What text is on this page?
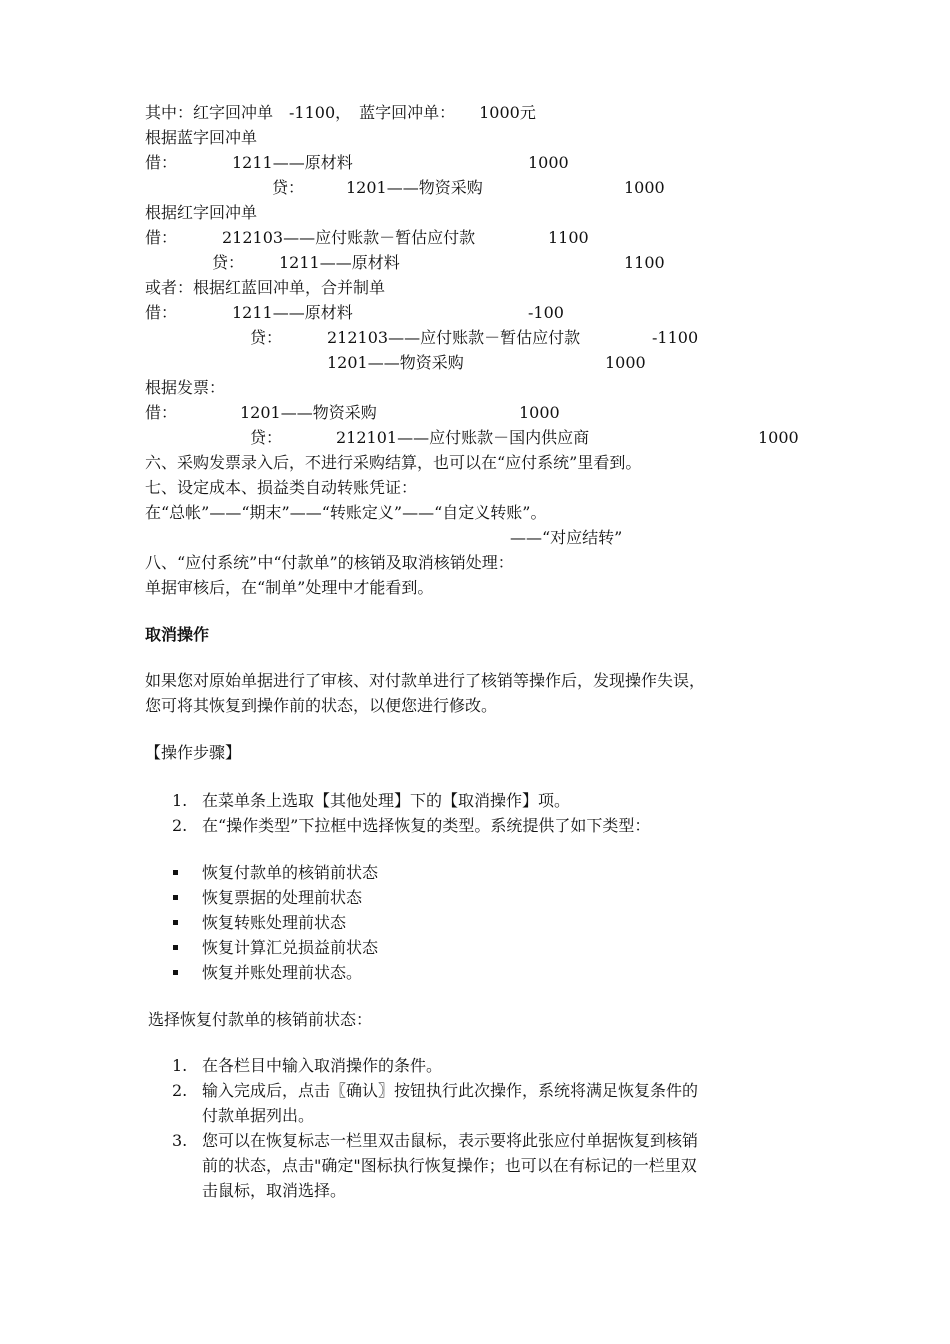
其中：红字回冲单　-1100，　蓝字回冲单：　　1000元
根据蓝字回冲单
借：	1211——原材料	1000
贷：	1201——物资采购	1000
根据红字回冲单
借：	212103——应付账款－暂估应付款	1100
贷： 1211——原材料	1100
或者：根据红蓝回冲单，合并制单
借：	1211——原材料	-100
贷：	212103——应付账款－暂估应付款	-1100
1201——物资采购	1000
根据发票：
借：	1201——物资采购	1000
贷：	212101——应付账款－国内供应商	1000
六、采购发票录入后，不进行采购结算，也可以在“应付系统”里看到。
七、设定成本、损益类自动转账凭证：
在“总帐”——“期末”——“转账定义”——“自定义转账”。
——“对应结转”
八、“应付系统”中“付款单”的核销及取消核销处理：
单据审核后，在“制单”处理中才能看到。
取消操作
如果您对原始单据进行了审核、对付款单进行了核销等操作后，发现操作失误，
您可将其恢复到操作前的状态，以便您进行修改。
【操作步骤】
1. 在菜单条上选取【其他处理】下的【取消操作】项。
2. 在“操作类型”下拉框中选择恢复的类型。系统提供了如下类型：
恢复付款单的核销前状态
恢复票据的处理前状态
恢复转账处理前状态
恢复计算汇兑损益前状态
恢复并账处理前状态。
选择恢复付款单的核销前状态：
1. 在各栏目中输入取消操作的条件。
2. 输入完成后，点击〖确认〗按钮执行此次操作，系统将满足恢复条件的
付款单据列出。
3. 您可以在恢复标志一栏里双击鼠标，表示要将此张应付单据恢复到核销
前的状态，点击"确定"图标执行恢复操作；也可以在有标记的一栏里双
击鼠标，取消选择。
